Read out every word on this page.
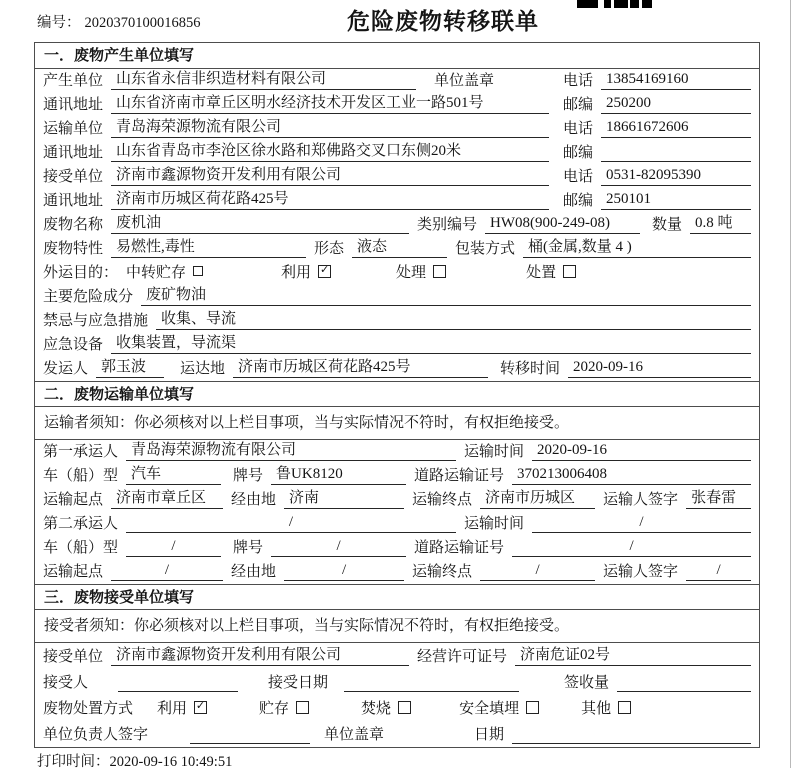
编号： 2020370100016856	危险废物转移联单
一．废物产生单位填写
产生单位 山东省永信非织造材料有限公司	单位盖章	电话 13854169160
通讯地址 山东省济南市章丘区明水经济技术开发区工业一路501号	邮编 250200
运输单位 青岛海荣源物流有限公司	电话 18661672606
通讯地址 山东省青岛市李沧区徐水路和郑佛路交叉口东侧20米	邮编
接受单位 济南市鑫源物资开发利用有限公司	电话 0531-82095390
通讯地址 济南市历城区荷花路425号	邮编 250101
废物名称 废机油	类别编号 HW08(900-249-08)	数量 0.8 吨
废物特性 易燃性,毒性	形态 液态	包装方式 桶(金属,数量 4 )
外运目的： 中转贮存	利用 ✓	处理	处置
主要危险成分 废矿物油
禁忌与应急措施 收集、导流
应急设备 收集装置，导流渠
发运人 郭玉波	运达地 济南市历城区荷花路425号	转移时间 2020-09-16
二．废物运输单位填写
运输者须知：你必须核对以上栏目事项，当与实际情况不符时，有权拒绝接受。
第一承运人 青岛海荣源物流有限公司	运输时间 2020-09-16
车（船）型 汽车	牌号 鲁UK8120	道路运输证号 370213006408
运输起点 济南市章丘区	经由地 济南	运输终点 济南市历城区	运输人签字 张春雷
第二承运人	/	运输时间	/
车（船）型	/	牌号	/	道路运输证号	/
运输起点	/	经由地	/	运输终点	/	运输人签字	/
三．废物接受单位填写
接受者须知：你必须核对以上栏目事项，当与实际情况不符时，有权拒绝接受。
接受单位 济南市鑫源物资开发利用有限公司	经营许可证号 济南危证02号
接受人	接受日期	签收量
废物处置方式 利用 ✓	贮存	焚烧	安全填埋	其他
单位负责人签字	单位盖章	日期
打印时间：2020-09-16 10:49:51
